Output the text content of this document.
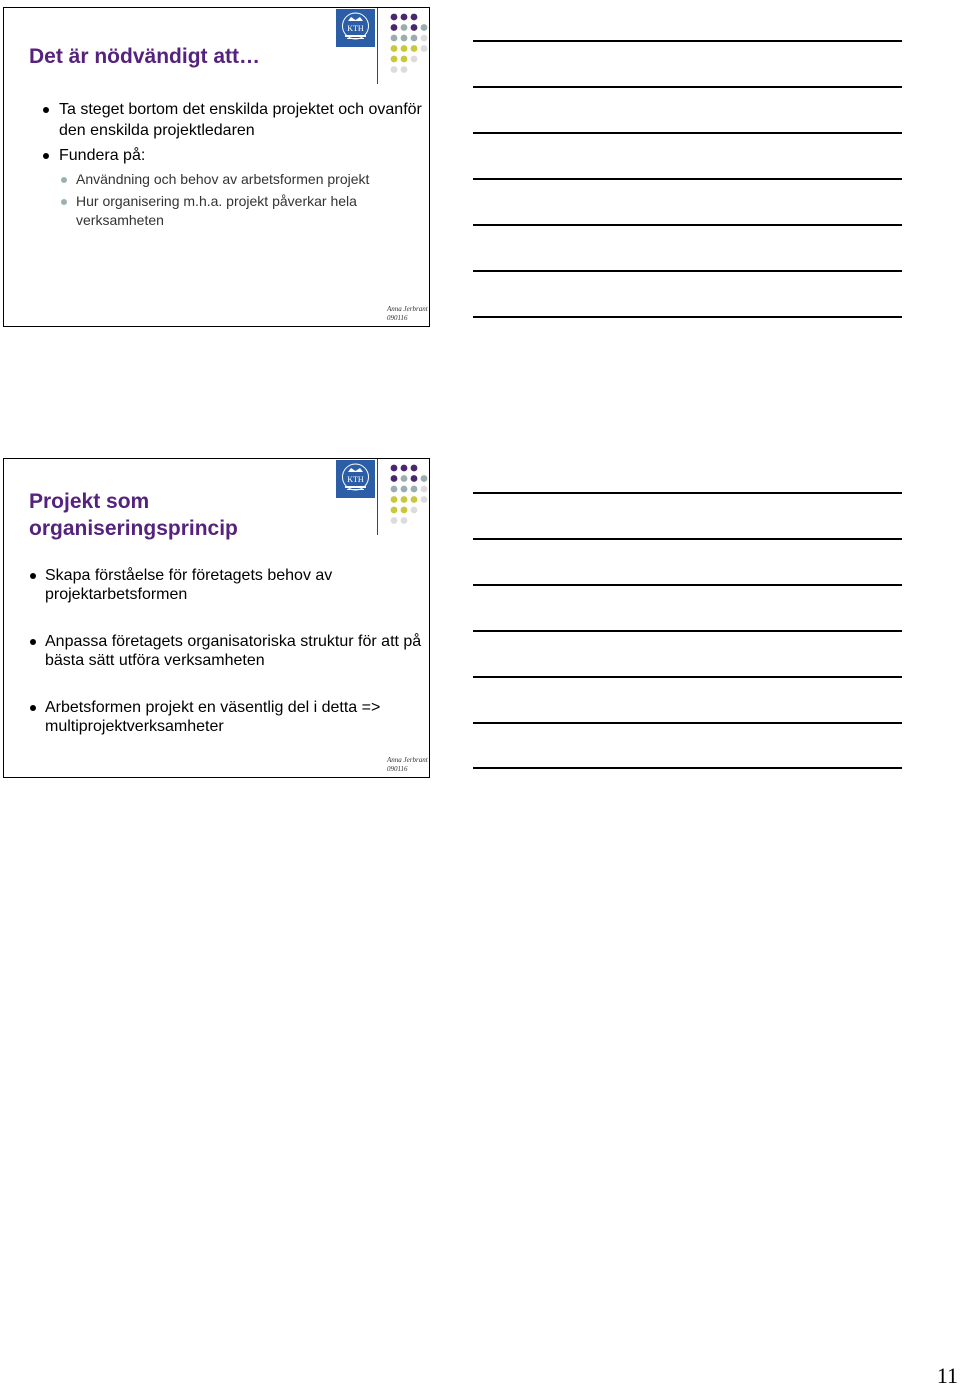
KTH
Det är nödvändigt att…
Ta steget bortom det enskilda projektet och ovanför den enskilda projektledaren
Fundera på:
Användning och behov av arbetsformen projekt
Hur organisering m.h.a. projekt påverkar hela verksamheten
Anna Jerbrant
090116
KTH
Projekt som organiseringsprincip
Skapa förståelse för företagets behov av projektarbetsformen
Anpassa företagets organisatoriska struktur för att på bästa sätt utföra verksamheten
Arbetsformen projekt en väsentlig del i detta => multiprojektverksamheter
Anna Jerbrant
090116
11
